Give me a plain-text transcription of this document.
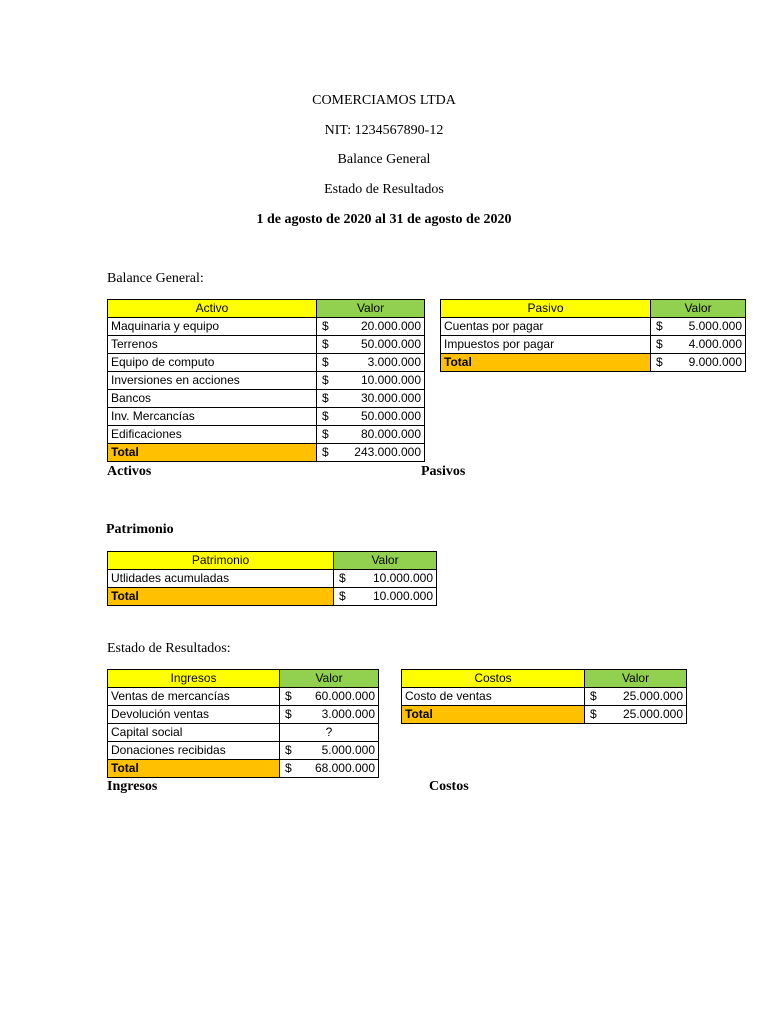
COMERCIAMOS LTDA
NIT: 1234567890-12
Balance General
Estado de Resultados
1 de agosto de 2020 al 31 de agosto de 2020
Balance General:
Activo	Valor
Maquinaria y equipo	$ 20.000.000
Terrenos	$ 50.000.000
Equipo de computo	$ 3.000.000
Inversiones en acciones	$ 10.000.000
Bancos	$ 30.000.000
Inv. Mercancías	$ 50.000.000
Edificaciones	$ 80.000.000
Total	$ 243.000.000
Activos
Pasivo	Valor
Cuentas por pagar	$ 5.000.000
Impuestos por pagar	$ 4.000.000
Total	$ 9.000.000
Pasivos
Patrimonio
Patrimonio	Valor
Utlidades acumuladas	$ 10.000.000
Total	$ 10.000.000
Estado de Resultados:
Ingresos	Valor
Ventas de mercancías	$ 60.000.000
Devolución ventas	$ 3.000.000
Capital social	?
Donaciones recibidas	$ 5.000.000
Total	$ 68.000.000
Ingresos
Costos	Valor
Costo de ventas	$ 25.000.000
Total	$ 25.000.000
Costos
